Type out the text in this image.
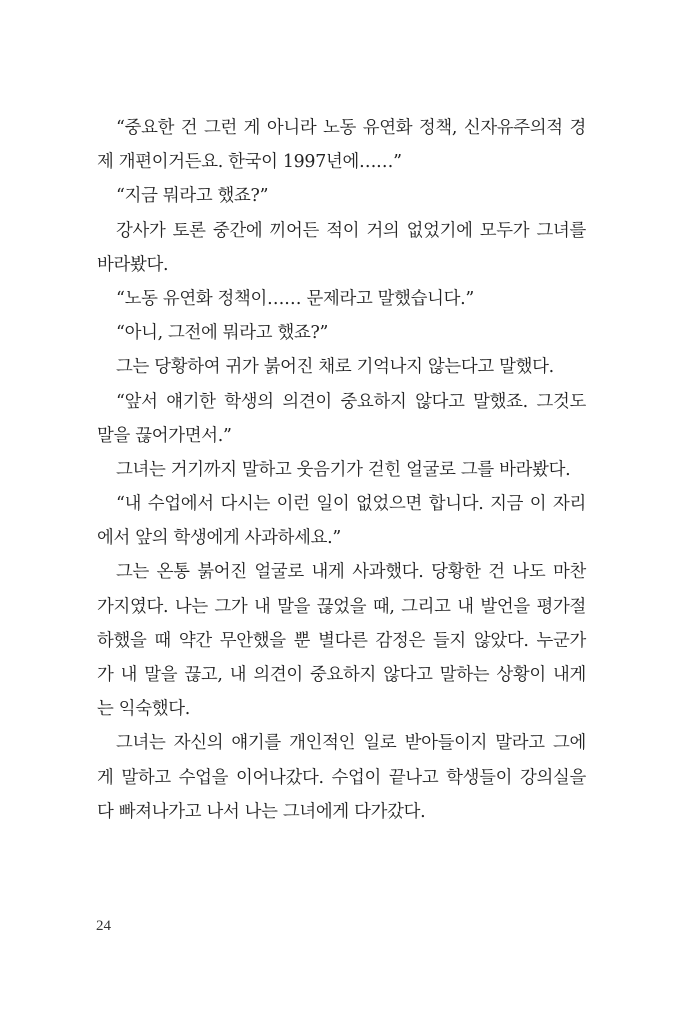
“중요한 건 그런 게 아니라 노동 유연화 정책, 신자유주의적 경
제 개편이거든요. 한국이 1997년에……”
“지금 뭐라고 했죠?”
강사가 토론 중간에 끼어든 적이 거의 없었기에 모두가 그녀를
바라봤다.
“노동 유연화 정책이…… 문제라고 말했습니다.”
“아니, 그전에 뭐라고 했죠?”
그는 당황하여 귀가 붉어진 채로 기억나지 않는다고 말했다.
“앞서 얘기한 학생의 의견이 중요하지 않다고 말했죠. 그것도
말을 끊어가면서.”
그녀는 거기까지 말하고 웃음기가 걷힌 얼굴로 그를 바라봤다.
“내 수업에서 다시는 이런 일이 없었으면 합니다. 지금 이 자리
에서 앞의 학생에게 사과하세요.”
그는 온통 붉어진 얼굴로 내게 사과했다. 당황한 건 나도 마찬
가지였다. 나는 그가 내 말을 끊었을 때, 그리고 내 발언을 평가절
하했을 때 약간 무안했을 뿐 별다른 감정은 들지 않았다. 누군가
가 내 말을 끊고, 내 의견이 중요하지 않다고 말하는 상황이 내게
는 익숙했다.
그녀는 자신의 얘기를 개인적인 일로 받아들이지 말라고 그에
게 말하고 수업을 이어나갔다. 수업이 끝나고 학생들이 강의실을
다 빠져나가고 나서 나는 그녀에게 다가갔다.
24
